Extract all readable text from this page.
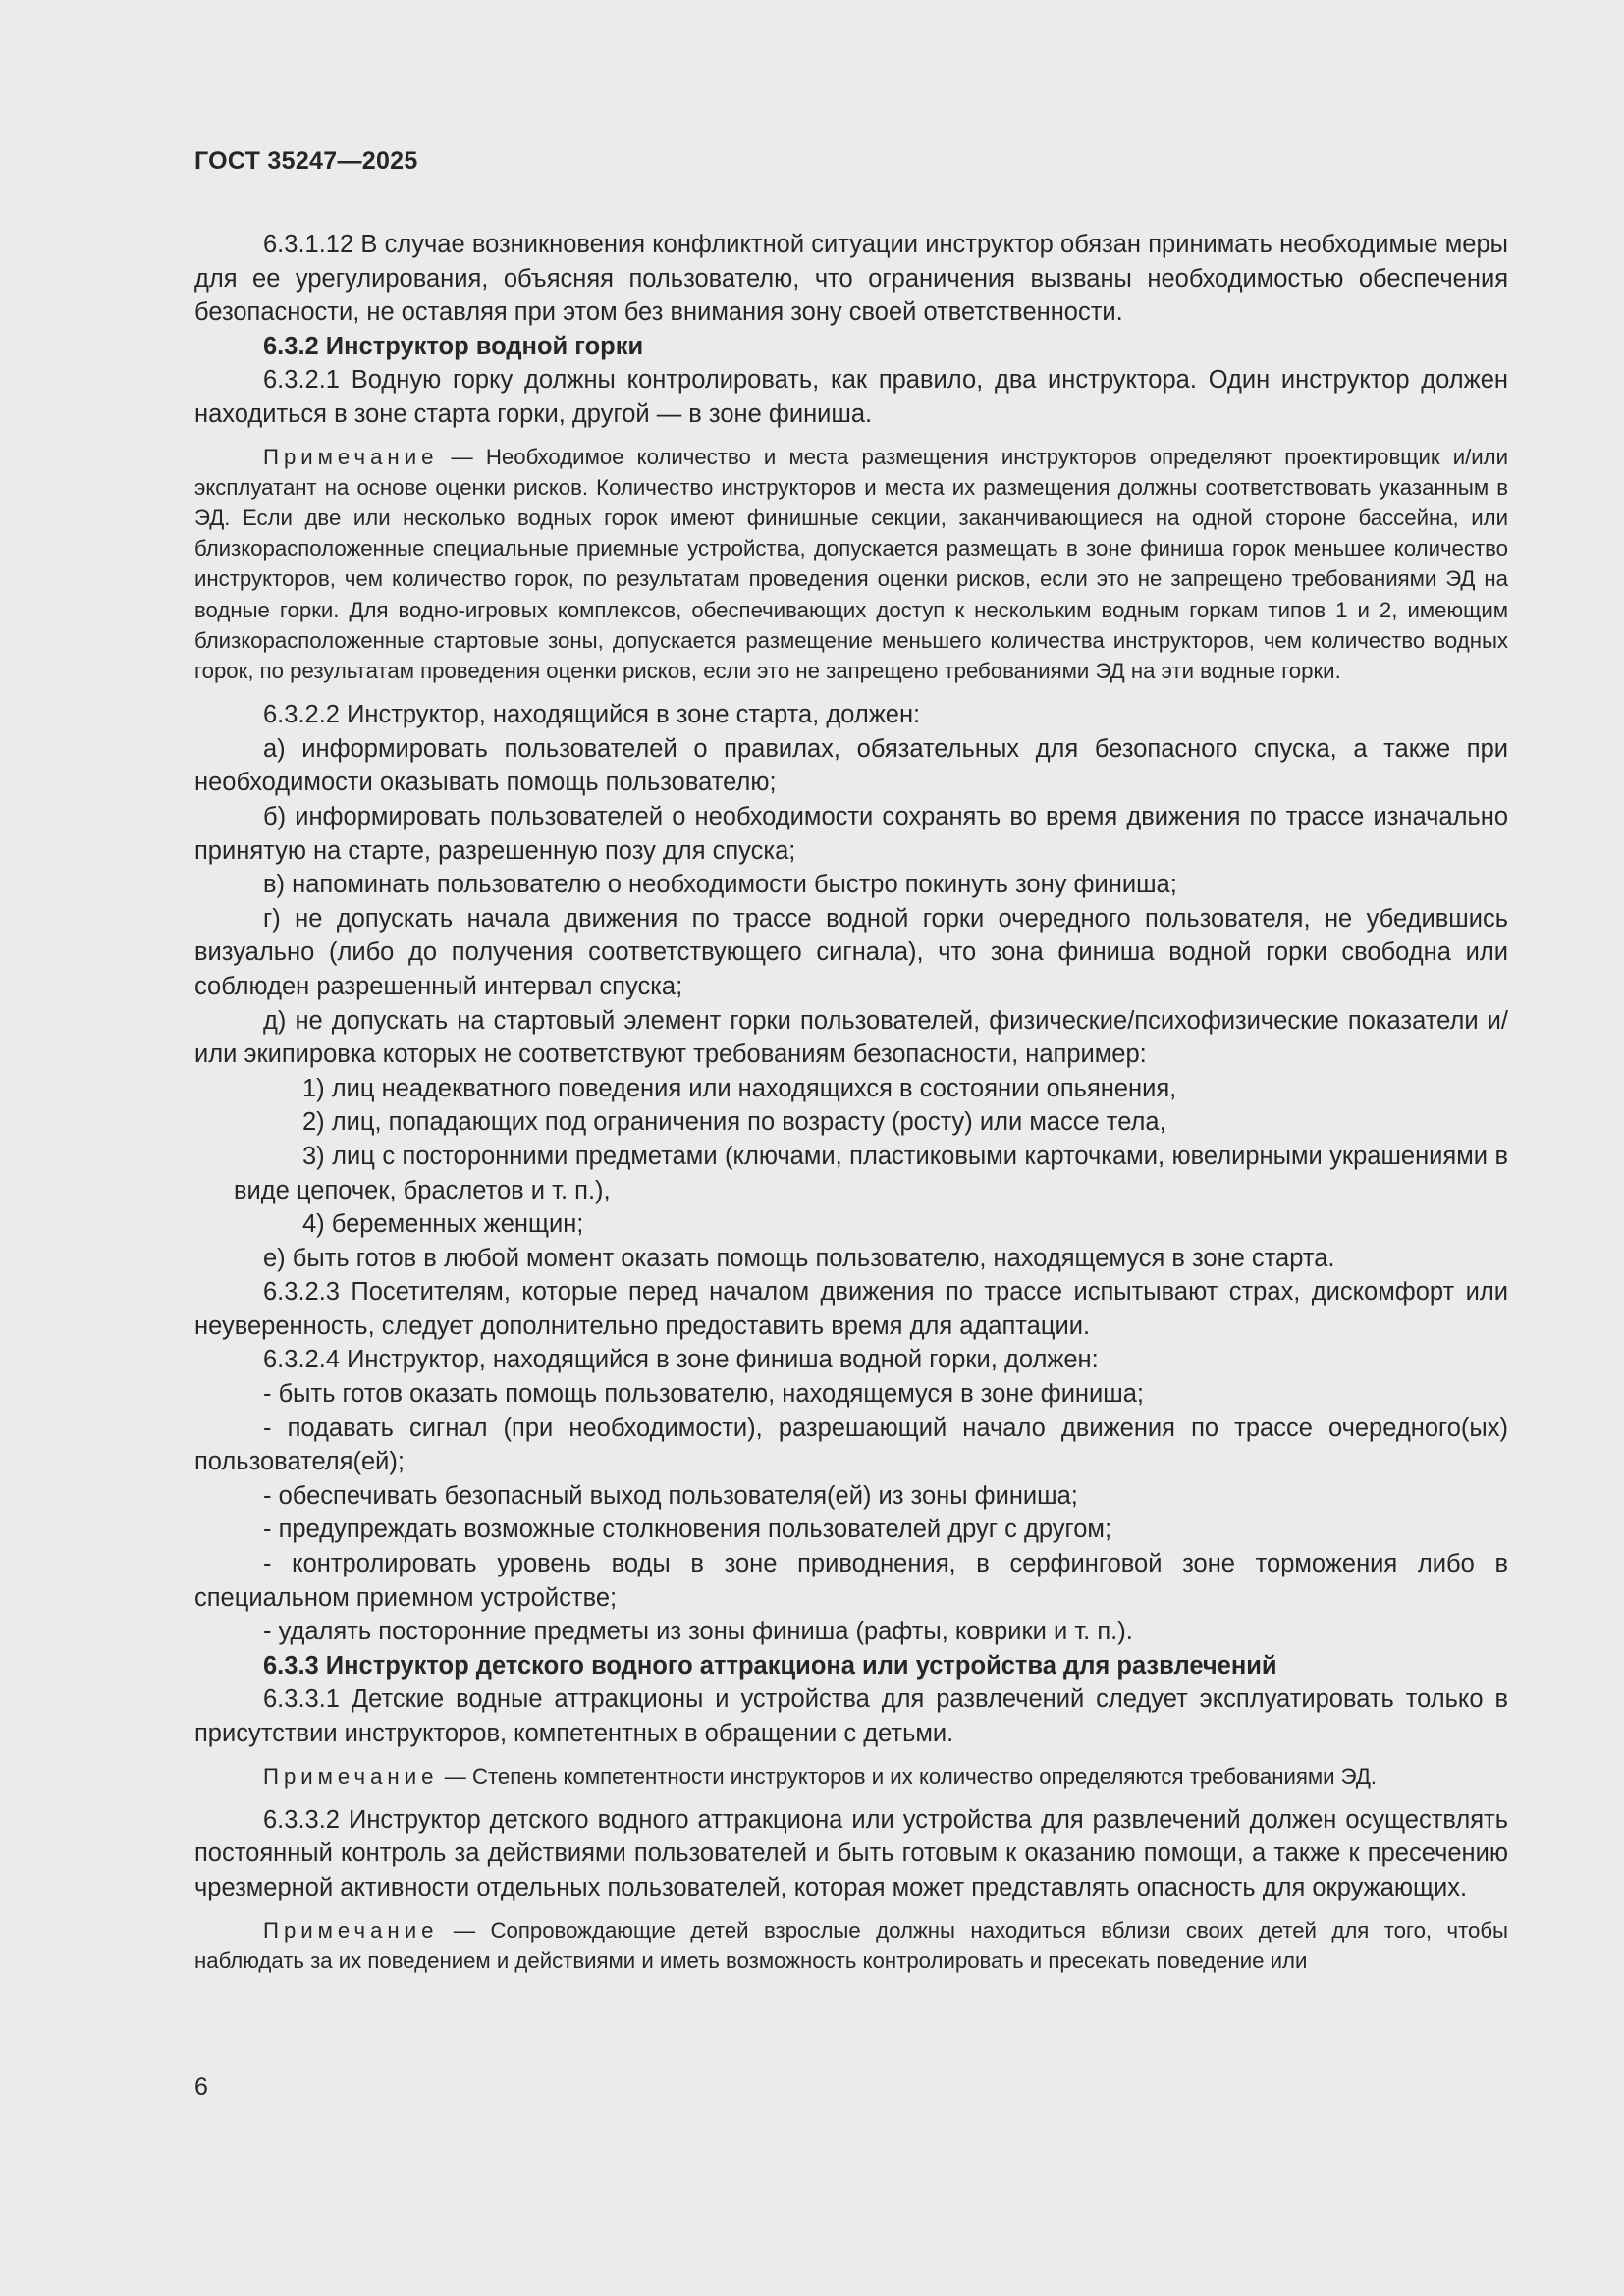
ГОСТ 35247—2025

6.3.1.12 В случае возникновения конфликтной ситуации инструктор обязан принимать необходимые меры для ее урегулирования, объясняя пользователю, что ограничения вызваны необходимостью обеспечения безопасности, не оставляя при этом без внимания зону своей ответственности.

6.3.2 Инструктор водной горки

6.3.2.1 Водную горку должны контролировать, как правило, два инструктора. Один инструктор должен находиться в зоне старта горки, другой — в зоне финиша.

Примечание — Необходимое количество и места размещения инструкторов определяют проектировщик и/или эксплуатант на основе оценки рисков. Количество инструкторов и места их размещения должны соответствовать указанным в ЭД. Если две или несколько водных горок имеют финишные секции, заканчивающиеся на одной стороне бассейна, или близкорасположенные специальные приемные устройства, допускается размещать в зоне финиша горок меньшее количество инструкторов, чем количество горок, по результатам проведения оценки рисков, если это не запрещено требованиями ЭД на водные горки. Для водно-игровых комплексов, обеспечивающих доступ к нескольким водным горкам типов 1 и 2, имеющим близкорасположенные стартовые зоны, допускается размещение меньшего количества инструкторов, чем количество водных горок, по результатам проведения оценки рисков, если это не запрещено требованиями ЭД на эти водные горки.

6.3.2.2 Инструктор, находящийся в зоне старта, должен:

а) информировать пользователей о правилах, обязательных для безопасного спуска, а также при необходимости оказывать помощь пользователю;

б) информировать пользователей о необходимости сохранять во время движения по трассе изначально принятую на старте, разрешенную позу для спуска;

в) напоминать пользователю о необходимости быстро покинуть зону финиша;

г) не допускать начала движения по трассе водной горки очередного пользователя, не убедившись визуально (либо до получения соответствующего сигнала), что зона финиша водной горки свободна или соблюден разрешенный интервал спуска;

д) не допускать на стартовый элемент горки пользователей, физические/психофизические показатели и/или экипировка которых не соответствуют требованиям безопасности, например:

1) лиц неадекватного поведения или находящихся в состоянии опьянения,

2) лиц, попадающих под ограничения по возрасту (росту) или массе тела,

3) лиц с посторонними предметами (ключами, пластиковыми карточками, ювелирными украшениями в виде цепочек, браслетов и т. п.),

4) беременных женщин;

е) быть готов в любой момент оказать помощь пользователю, находящемуся в зоне старта.

6.3.2.3 Посетителям, которые перед началом движения по трассе испытывают страх, дискомфорт или неуверенность, следует дополнительно предоставить время для адаптации.

6.3.2.4 Инструктор, находящийся в зоне финиша водной горки, должен:

- быть готов оказать помощь пользователю, находящемуся в зоне финиша;

- подавать сигнал (при необходимости), разрешающий начало движения по трассе очередного(ых) пользователя(ей);

- обеспечивать безопасный выход пользователя(ей) из зоны финиша;

- предупреждать возможные столкновения пользователей друг с другом;

- контролировать уровень воды в зоне приводнения, в серфинговой зоне торможения либо в специальном приемном устройстве;

- удалять посторонние предметы из зоны финиша (рафты, коврики и т. п.).

6.3.3 Инструктор детского водного аттракциона или устройства для развлечений

6.3.3.1 Детские водные аттракционы и устройства для развлечений следует эксплуатировать только в присутствии инструкторов, компетентных в обращении с детьми.

Примечание — Степень компетентности инструкторов и их количество определяются требованиями ЭД.

6.3.3.2 Инструктор детского водного аттракциона или устройства для развлечений должен осуществлять постоянный контроль за действиями пользователей и быть готовым к оказанию помощи, а также к пресечению чрезмерной активности отдельных пользователей, которая может представлять опасность для окружающих.

Примечание — Сопровождающие детей взрослые должны находиться вблизи своих детей для того, чтобы наблюдать за их поведением и действиями и иметь возможность контролировать и пресекать поведение или
6
